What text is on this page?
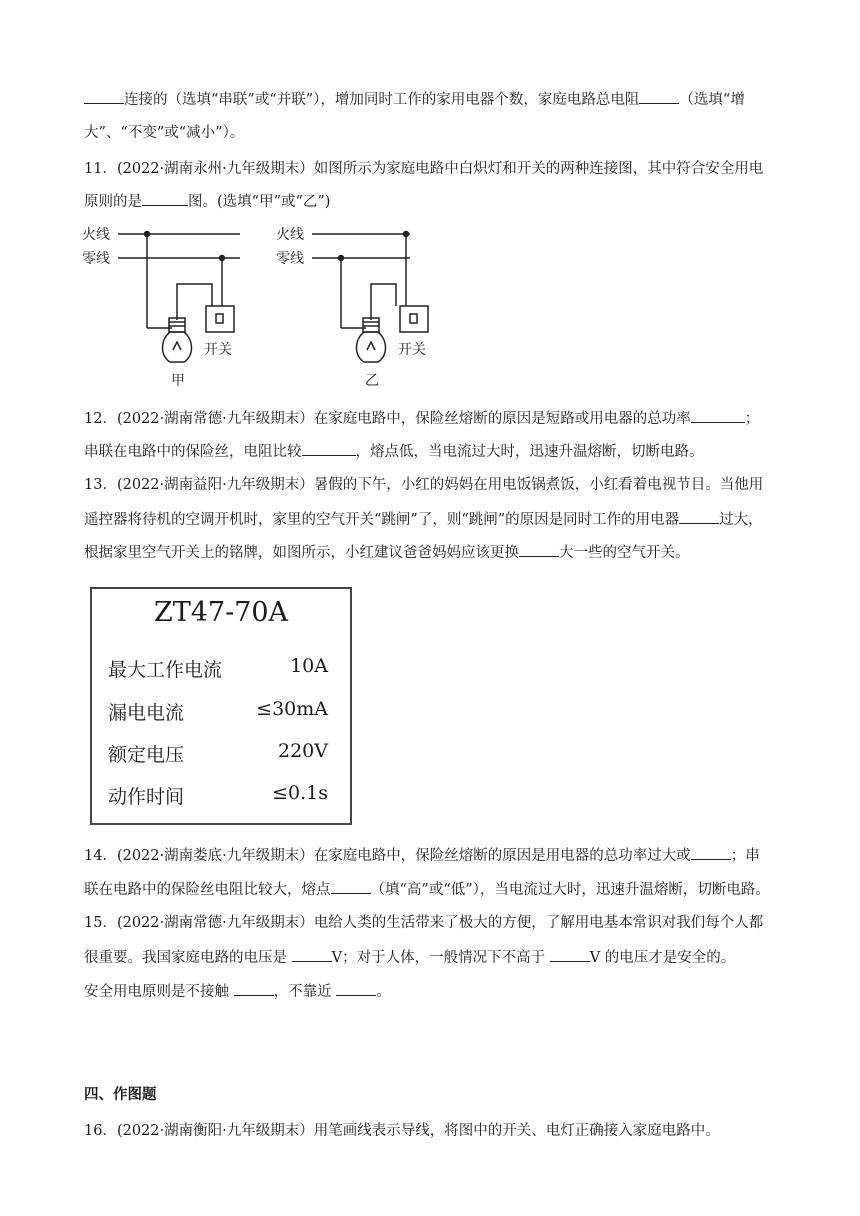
连接的（选填“串联”或“并联”），增加同时工作的家用电器个数，家庭电路总电阻	（选填“增
大”、“不变”或“减小”）。
11．(2022·湖南永州·九年级期末）如图所示为家庭电路中白炽灯和开关的两种连接图，其中符合安全用电
原则的是	图。(选填“甲”或“乙”)
火线
零线
开关
甲
火线
零线
开关
乙
12．(2022·湖南常德·九年级期末）在家庭电路中，保险丝熔断的原因是短路或用电器的总功率	；
串联在电路中的保险丝，电阻比较	，熔点低，当电流过大时，迅速升温熔断，切断电路。
13．(2022·湖南益阳·九年级期末）暑假的下午，小红的妈妈在用电饭锅煮饭，小红看着电视节目。当他用
遥控器将待机的空调开机时，家里的空气开关“跳闸”了，则“跳闸”的原因是同时工作的用电器	过大，
根据家里空气开关上的铭牌，如图所示，小红建议爸爸妈妈应该更换	大一些的空气开关。
ZT47-70A
最大工作电流	10A
漏电电流	≤30mA
额定电压	220V
动作时间	≤0.1s
14．(2022·湖南娄底·九年级期末）在家庭电路中，保险丝熔断的原因是用电器的总功率过大或	；串
联在电路中的保险丝电阻比较大，熔点	（填“高”或“低”），当电流过大时，迅速升温熔断，切断电路。
15．(2022·湖南常德·九年级期末）电给人类的生活带来了极大的方便，了解用电基本常识对我们每个人都
很重要。我国家庭电路的电压是	V；对于人体，一般情况下不高于	V 的电压才是安全的。
安全用电原则是不接触	，不靠近	。
四、作图题
16．(2022·湖南衡阳·九年级期末）用笔画线表示导线，将图中的开关、电灯正确接入家庭电路中。
